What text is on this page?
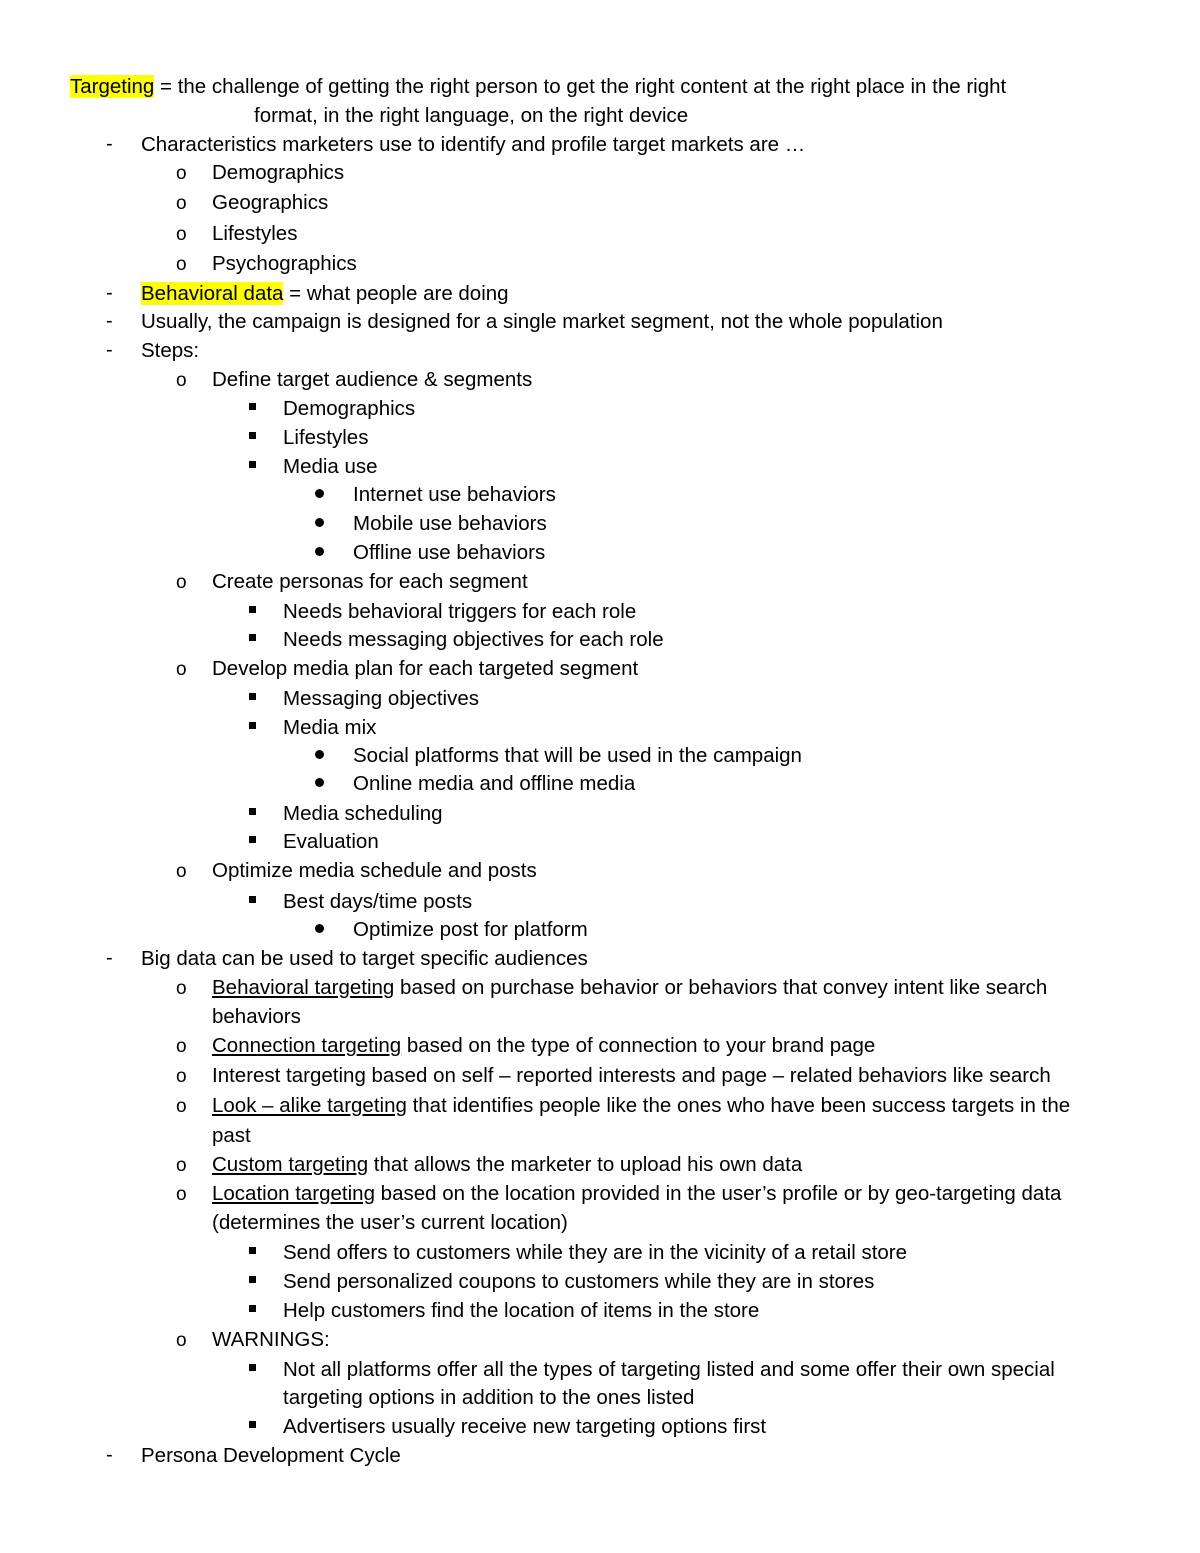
Targeting = the challenge of getting the right person to get the right content at the right place in the right
format, in the right language, on the right device
- Characteristics marketers use to identify and profile target markets are …
o Demographics
o Geographics
o Lifestyles
o Psychographics
- Behavioral data = what people are doing
- Usually, the campaign is designed for a single market segment, not the whole population
- Steps:
o Define target audience & segments
Demographics
Lifestyles
Media use
Internet use behaviors
Mobile use behaviors
Offline use behaviors
o Create personas for each segment
Needs behavioral triggers for each role
Needs messaging objectives for each role
o Develop media plan for each targeted segment
Messaging objectives
Media mix
Social platforms that will be used in the campaign
Online media and offline media
Media scheduling
Evaluation
o Optimize media schedule and posts
Best days/time posts
Optimize post for platform
- Big data can be used to target specific audiences
o Behavioral targeting based on purchase behavior or behaviors that convey intent like search
behaviors
o Connection targeting based on the type of connection to your brand page
o Interest targeting based on self – reported interests and page – related behaviors like search
o Look – alike targeting that identifies people like the ones who have been success targets in the
past
o Custom targeting that allows the marketer to upload his own data
o Location targeting based on the location provided in the user’s profile or by geo-targeting data
(determines the user’s current location)
Send offers to customers while they are in the vicinity of a retail store
Send personalized coupons to customers while they are in stores
Help customers find the location of items in the store
o WARNINGS:
Not all platforms offer all the types of targeting listed and some offer their own special
targeting options in addition to the ones listed
Advertisers usually receive new targeting options first
- Persona Development Cycle
